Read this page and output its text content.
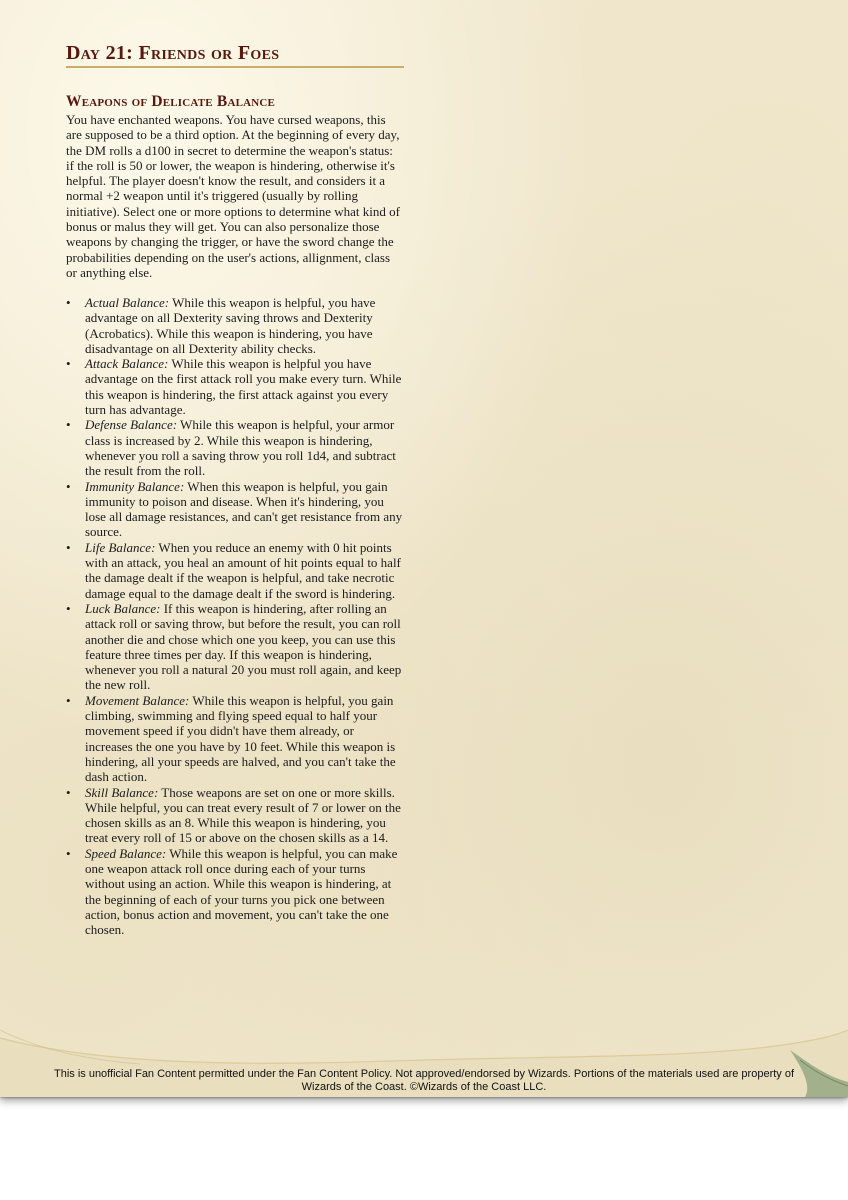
Day 21: Friends or Foes
Weapons of Delicate Balance

You have enchanted weapons. You have cursed weapons, this are supposed to be a third option. At the beginning of every day, the DM rolls a d100 in secret to determine the weapon's status: if the roll is 50 or lower, the weapon is hindering, otherwise it's helpful. The player doesn't know the result, and considers it a normal +2 weapon until it's triggered (usually by rolling initiative). Select one or more options to determine what kind of bonus or malus they will get. You can also personalize those weapons by changing the trigger, or have the sword change the probabilities depending on the user's actions, allignment, class or anything else.

• Actual Balance: While this weapon is helpful, you have advantage on all Dexterity saving throws and Dexterity (Acrobatics). While this weapon is hindering, you have disadvantage on all Dexterity ability checks.
• Attack Balance: While this weapon is helpful you have advantage on the first attack roll you make every turn. While this weapon is hindering, the first attack against you every turn has advantage.
• Defense Balance: While this weapon is helpful, your armor class is increased by 2. While this weapon is hindering, whenever you roll a saving throw you roll 1d4, and subtract the result from the roll.
• Immunity Balance: When this weapon is helpful, you gain immunity to poison and disease. When it's hindering, you lose all damage resistances, and can't get resistance from any source.
• Life Balance: When you reduce an enemy with 0 hit points with an attack, you heal an amount of hit points equal to half the damage dealt if the weapon is helpful, and take necrotic damage equal to the damage dealt if the sword is hindering.
• Luck Balance: If this weapon is hindering, after rolling an attack roll or saving throw, but before the result, you can roll another die and chose which one you keep, you can use this feature three times per day. If this weapon is hindering, whenever you roll a natural 20 you must roll again, and keep the new roll.
• Movement Balance: While this weapon is helpful, you gain climbing, swimming and flying speed equal to half your movement speed if you didn't have them already, or increases the one you have by 10 feet. While this weapon is hindering, all your speeds are halved, and you can't take the dash action.
• Skill Balance: Those weapons are set on one or more skills. While helpful, you can treat every result of 7 or lower on the chosen skills as an 8. While this weapon is hindering, you treat every roll of 15 or above on the chosen skills as a 14.
• Speed Balance: While this weapon is helpful, you can make one weapon attack roll once during each of your turns without using an action. While this weapon is hindering, at the beginning of each of your turns you pick one between action, bonus action and movement, you can't take the one chosen.

This is unofficial Fan Content permitted under the Fan Content Policy. Not approved/endorsed by Wizards. Portions of the materials used are property of Wizards of the Coast. ©Wizards of the Coast LLC.
